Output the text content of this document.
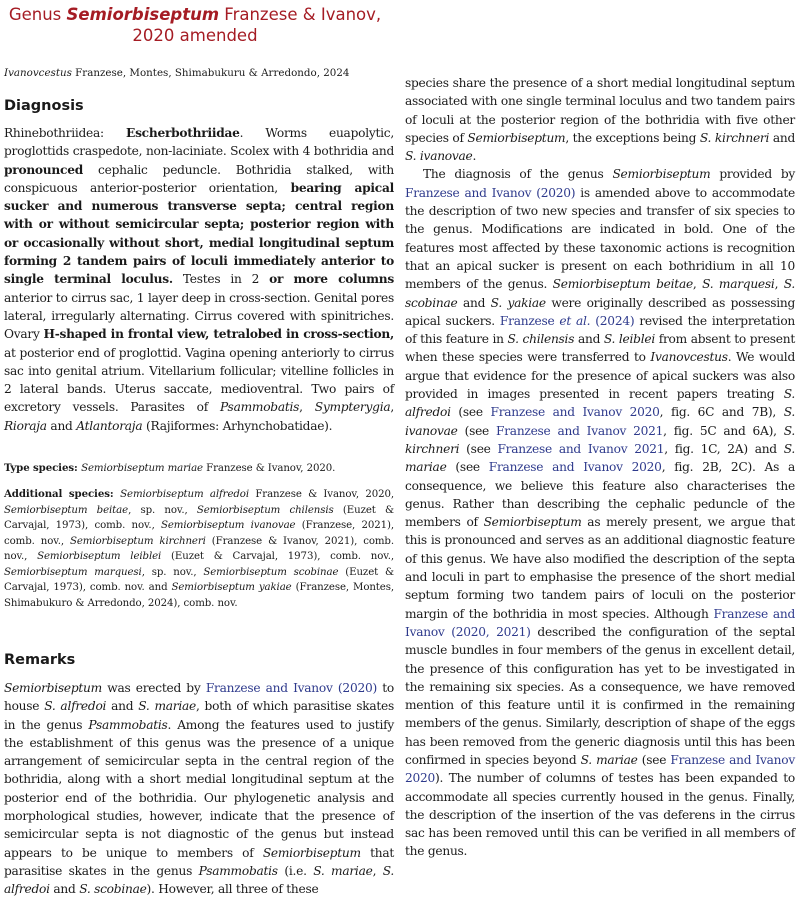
Genus Semiorbiseptum Franzese & Ivanov, 2020 amended
Ivanovcestus Franzese, Montes, Shimabukuru & Arredondo, 2024
Diagnosis

Rhinebothriidea: Escherbothriidae. Worms euapolytic, proglottids craspedote, non-laciniate. Scolex with 4 bothridia and pronounced cephalic peduncle. Bothridia stalked, with conspicuous anterior-posterior orientation, bearing apical sucker and numerous transverse septa; central region with or without semicircular septa; posterior region with or occasionally without short, medial longitudinal septum forming 2 tandem pairs of loculi immediately anterior to single terminal loculus. Testes in 2 or more columns anterior to cirrus sac, 1 layer deep in cross-section. Genital pores lateral, irregularly alternating. Cirrus covered with spinitriches. Ovary H-shaped in frontal view, tetralobed in cross-section, at posterior end of proglottid. Vagina opening anteriorly to cirrus sac into genital atrium. Vitellarium follicular; vitelline follicles in 2 lateral bands. Uterus saccate, medioventral. Two pairs of excretory vessels. Parasites of Psammobatis, Sympterygia, Rioraja and Atlantoraja (Rajiformes: Arhynchobatidae).

Type species: Semiorbiseptum mariae Franzese & Ivanov, 2020.

Additional species: Semiorbiseptum alfredoi Franzese & Ivanov, 2020, Semiorbiseptum beitae, sp. nov., Semiorbiseptum chilensis (Euzet & Carvajal, 1973), comb. nov., Semiorbiseptum ivanovae (Franzese, 2021), comb. nov., Semiorbiseptum kirchneri (Franzese & Ivanov, 2021), comb. nov., Semiorbiseptum leiblei (Euzet & Carvajal, 1973), comb. nov., Semiorbiseptum marquesi, sp. nov., Semiorbiseptum scobinae (Euzet & Carvajal, 1973), comb. nov. and Semiorbiseptum yakiae (Franzese, Montes, Shimabukuro & Arredondo, 2024), comb. nov.

Remarks

Semiorbiseptum was erected by Franzese and Ivanov (2020) to house S. alfredoi and S. mariae, both of which parasitise skates in the genus Psammobatis. Among the features used to justify the establishment of this genus was the presence of a unique arrangement of semicircular septa in the central region of the bothridia, along with a short medial longitudinal septum at the posterior end of the bothridia. Our phylogenetic analysis and morphological studies, however, indicate that the presence of semicircular septa is not diagnostic of the genus but instead appears to be unique to members of Semiorbiseptum that parasitise skates in the genus Psammobatis (i.e. S. mariae, S. alfredoi and S. scobinae). However, all three of these

species share the presence of a short medial longitudinal septum associated with one single terminal loculus and two tandem pairs of loculi at the posterior region of the bothridia with five other species of Semiorbiseptum, the exceptions being S. kirchneri and S. ivanovae.

The diagnosis of the genus Semiorbiseptum provided by Franzese and Ivanov (2020) is amended above to accommodate the description of two new species and transfer of six species to the genus. Modifications are indicated in bold. One of the features most affected by these taxonomic actions is recognition that an apical sucker is present on each bothridium in all 10 members of the genus. Semiorbiseptum beitae, S. marquesi, S. scobinae and S. yakiae were originally described as possessing apical suckers. Franzese et al. (2024) revised the interpretation of this feature in S. chilensis and S. leiblei from absent to present when these species were transferred to Ivanovcestus. We would argue that evidence for the presence of apical suckers was also provided in images presented in recent papers treating S. alfredoi (see Franzese and Ivanov 2020, fig. 6C and 7B), S. ivanovae (see Franzese and Ivanov 2021, fig. 5C and 6A), S. kirchneri (see Franzese and Ivanov 2021, fig. 1C, 2A) and S. mariae (see Franzese and Ivanov 2020, fig. 2B, 2C). As a consequence, we believe this feature also characterises the genus. Rather than describing the cephalic peduncle of the members of Semiorbiseptum as merely present, we argue that this is pronounced and serves as an additional diagnostic feature of this genus. We have also modified the description of the septa and loculi in part to emphasise the presence of the short medial septum forming two tandem pairs of loculi on the posterior margin of the bothridia in most species. Although Franzese and Ivanov (2020, 2021) described the configuration of the septal muscle bundles in four members of the genus in excellent detail, the presence of this configuration has yet to be investigated in the remaining six species. As a consequence, we have removed mention of this feature until it is confirmed in the remaining members of the genus. Similarly, description of shape of the eggs has been removed from the generic diagnosis until this has been confirmed in species beyond S. mariae (see Franzese and Ivanov 2020). The number of columns of testes has been expanded to accommodate all species currently housed in the genus. Finally, the description of the insertion of the vas deferens in the cirrus sac has been removed until this can be verified in all members of the genus.
